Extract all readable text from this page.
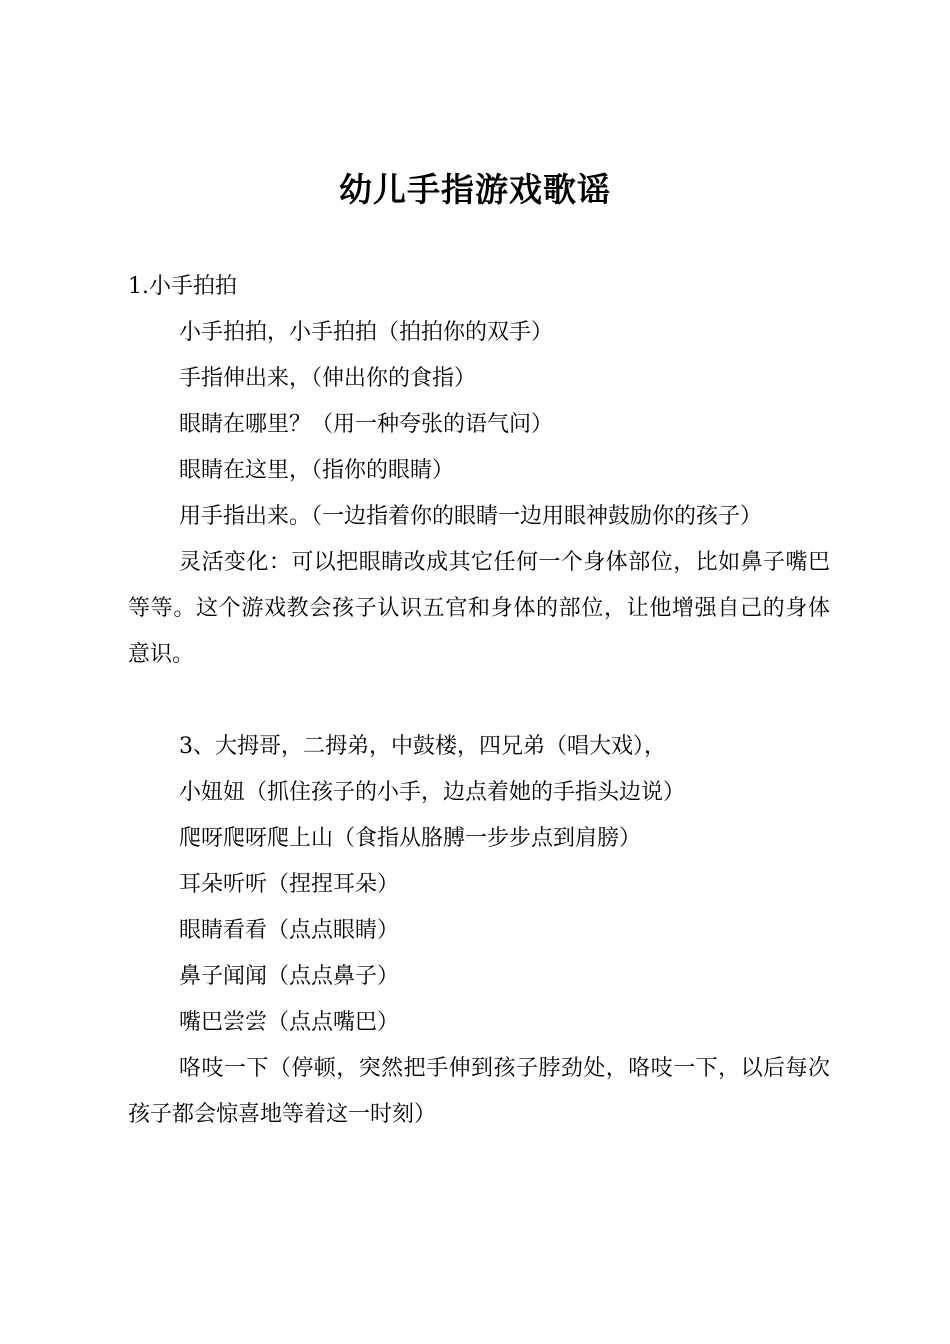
幼儿手指游戏歌谣
1.小手拍拍
小手拍拍，小手拍拍（拍拍你的双手）
手指伸出来，（伸出你的食指）
眼睛在哪里？（用一种夸张的语气问）
眼睛在这里，（指你的眼睛）
用手指出来。（一边指着你的眼睛一边用眼神鼓励你的孩子）
灵活变化：可以把眼睛改成其它任何一个身体部位，比如鼻子嘴巴等等。这个游戏教会孩子认识五官和身体的部位，让他增强自己的身体意识。
3、大拇哥，二拇弟，中鼓楼，四兄弟（唱大戏），
小妞妞（抓住孩子的小手，边点着她的手指头边说）
爬呀爬呀爬上山（食指从胳膊一步步点到肩膀）
耳朵听听（捏捏耳朵）
眼睛看看（点点眼睛）
鼻子闻闻（点点鼻子）
嘴巴尝尝（点点嘴巴）
咯吱一下（停顿，突然把手伸到孩子脖劲处，咯吱一下，以后每次孩子都会惊喜地等着这一时刻）
